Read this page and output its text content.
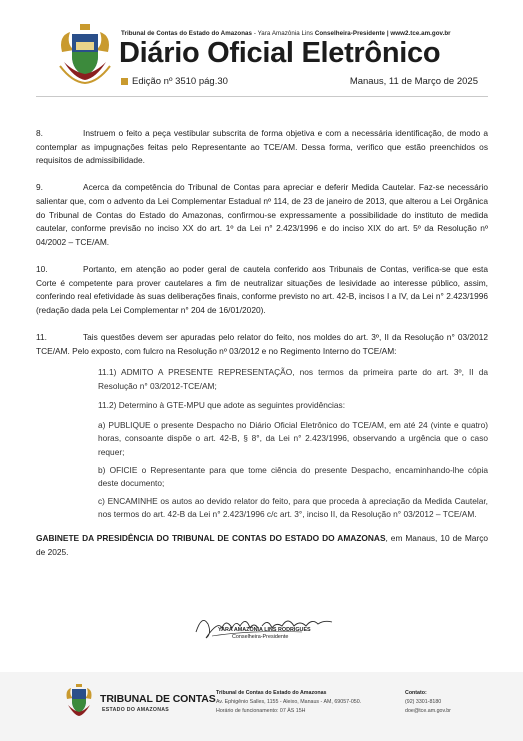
Tribunal de Contas do Estado do Amazonas - Yara Amazônia Lins Conselheira-Presidente | www2.tce.am.gov.br
Diário Oficial Eletrônico
Edição nº 3510 pág.30	Manaus, 11 de Março de 2025

8.	Instruem o feito a peça vestibular subscrita de forma objetiva e com a necessária identificação, de modo a contemplar as impugnações feitas pelo Representante ao TCE/AM. Dessa forma, verifico que estão preenchidos os requisitos de admissibilidade.

9.	Acerca da competência do Tribunal de Contas para apreciar e deferir Medida Cautelar. Faz-se necessário salientar que, com o advento da Lei Complementar Estadual nº 114, de 23 de janeiro de 2013, que alterou a Lei Orgânica do Tribunal de Contas do Estado do Amazonas, confirmou-se expressamente a possibilidade do instituto de medida cautelar, conforme previsão no inciso XX do art. 1º da Lei n° 2.423/1996 e do inciso XIX do art. 5º da Resolução nº 04/2002 – TCE/AM.

10.	Portanto, em atenção ao poder geral de cautela conferido aos Tribunais de Contas, verifica-se que esta Corte é competente para prover cautelares a fim de neutralizar situações de lesividade ao interesse público, assim, conferindo real efetividade às suas deliberações finais, conforme previsto no art. 42-B, incisos I a IV, da Lei n° 2.423/1996 (redação dada pela Lei Complementar n° 204 de 16/01/2020).

11.	Tais questões devem ser apuradas pelo relator do feito, nos moldes do art. 3º, II da Resolução n° 03/2012 TCE/AM. Pelo exposto, com fulcro na Resolução nº 03/2012 e no Regimento Interno do TCE/AM:

11.1) ADMITO A PRESENTE REPRESENTAÇÃO, nos termos da primeira parte do art. 3º, II da Resolução n° 03/2012-TCE/AM;

11.2) Determino à GTE-MPU que adote as seguintes providências:

a) PUBLIQUE o presente Despacho no Diário Oficial Eletrônico do TCE/AM, em até 24 (vinte e quatro) horas, consoante dispõe o art. 42-B, § 8°, da Lei n° 2.423/1996, observando a urgência que o caso requer;

b) OFICIE o Representante para que tome ciência do presente Despacho, encaminhando-lhe cópia deste documento;

c) ENCAMINHE os autos ao devido relator do feito, para que proceda à apreciação da Medida Cautelar, nos termos do art. 42-B da Lei n° 2.423/1996 c/c art. 3°, inciso II, da Resolução n° 03/2012 – TCE/AM.

GABINETE DA PRESIDÊNCIA DO TRIBUNAL DE CONTAS DO ESTADO DO AMAZONAS, em Manaus, 10 de Março de 2025.

YARA AMAZÔNIA LINS RODRIGUES
Conselheira-Presidente
TRIBUNAL DE CONTAS
ESTADO DO AMAZONAS
Tribunal de Contas do Estado do Amazonas
Av. Ephigênio Salles, 1155 - Aleixo, Manaus - AM, 69057-050.
Horário de funcionamento: 07 ÀS 15H
Contato:
(92) 3301-8180
doe@tce.am.gov.br
